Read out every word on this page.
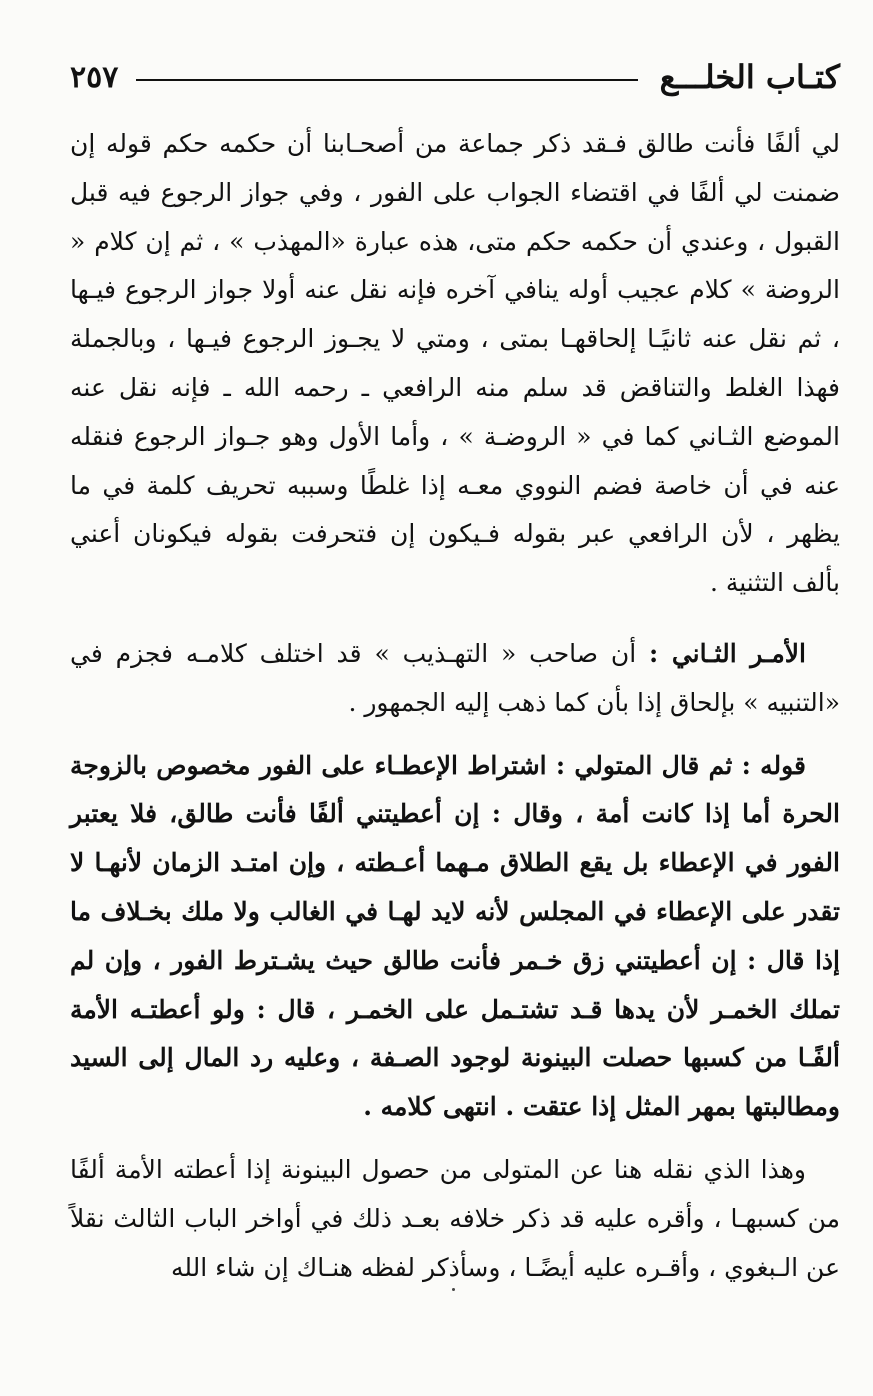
كتـاب الخلـــع
٢٥٧

لي ألفًا فأنت طالق فـقد ذكر جماعة من أصحـابنا أن حكمه حكم قوله إن ضمنت لي ألفًا في اقتضاء الجواب على الفور ، وفي جواز الرجوع فيه قبل القبول ، وعندي أن حكمه حكم متى، هذه عبارة «المهذب » ، ثم إن كلام « الروضة » كلام عجيب أوله ينافي آخره فإنه نقل عنه أولا جواز الرجوع فيـها ، ثم نقل عنه ثانيًـا إلحاقهـا بمتى ، ومتي لا يجـوز الرجوع فيـها ، وبالجملة فهذا الغلط والتناقض قد سلم منه الرافعي ـ رحمه الله ـ فإنه نقل عنه الموضع الثـاني كما في « الروضـة » ، وأما الأول وهو جـواز الرجوع فنقله عنه في أن خاصة فضم النووي معـه إذا غلطًا وسببه تحريف كلمة في ما يظهر ، لأن الرافعي عبر بقوله فـيكون إن فتحرفت بقوله فيكونان أعني بألف التثنية .

الأمـر الثـاني : أن صاحب « التهـذيب » قد اختلف كلامـه فجزم في «التنبيه » بإلحاق إذا بأن كما ذهب إليه الجمهور .

قوله : ثم قال المتولي : اشتراط الإعطـاء على الفور مخصوص بالزوجة الحرة أما إذا كانت أمة ، وقال : إن أعطيتني ألفًا فأنت طالق، فلا يعتبر الفور في الإعطاء بل يقع الطلاق مـهما أعـطته ، وإن امتـد الزمان لأنهـا لا تقدر على الإعطاء في المجلس لأنه لايد لهـا في الغالب ولا ملك بخـلاف ما إذا قال : إن أعطيتني زق خـمر فأنت طالق حيث يشـترط الفور ، وإن لم تملك الخمـر لأن يدها قـد تشتـمل على الخمـر ، قال : ولو أعطتـه الأمة ألفًـا من كسبها حصلت البينونة لوجود الصـفة ، وعليه رد المال إلى السيد ومطالبتها بمهر المثل إذا عتقت . انتهى كلامه .

وهذا الذي نقله هنا عن المتولى من حصول البينونة إذا أعطته الأمة ألفًا من كسبهـا ، وأقره عليه قد ذكر خلافه بعـد ذلك في أواخر الباب الثالث نقلاً عن الـبغوي ، وأقـره عليه أيضًـا ، وسأذكر لفظه هنـاك إن شاء الله
